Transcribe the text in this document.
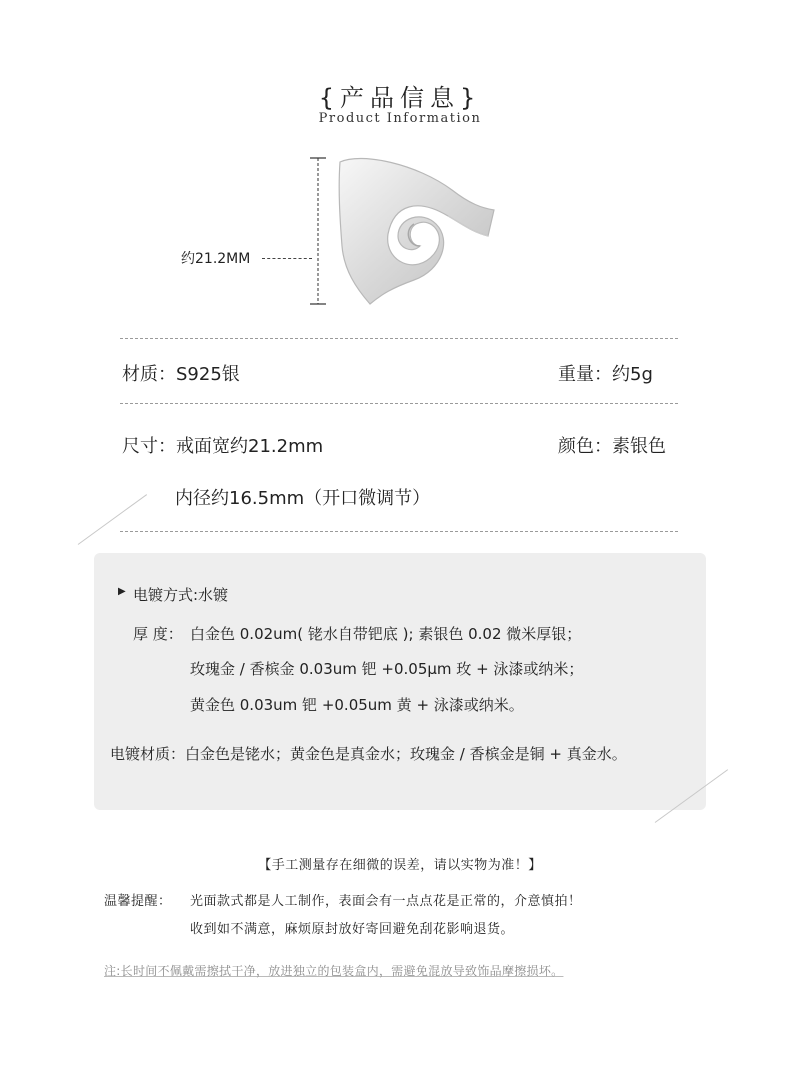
{产品信息}
Product Information
约21.2MM
材质：S925银	重量：约5g
尺寸：戒面宽约21.2mm	颜色：素银色
内径约16.5mm（开口微调节）
▶ 电镀方式:水镀
厚 度： 白金色 0.02um( 铑水自带钯底 ); 素银色 0.02 微米厚银；
玫瑰金 / 香槟金 0.03um 钯 +0.05μm 玫 + 泳漆或纳米；
黄金色 0.03um 钯 +0.05um 黄 + 泳漆或纳米。
电镀材质：白金色是铑水；黄金色是真金水；玫瑰金 / 香槟金是铜 + 真金水。
【手工测量存在细微的误差，请以实物为准！】
温馨提醒： 光面款式都是人工制作，表面会有一点点花是正常的，介意慎拍！
收到如不满意，麻烦原封放好寄回避免刮花影响退货。
注:长时间不佩戴需擦拭干净，放进独立的包装盒内，需避免混放导致饰品摩擦损坏。
